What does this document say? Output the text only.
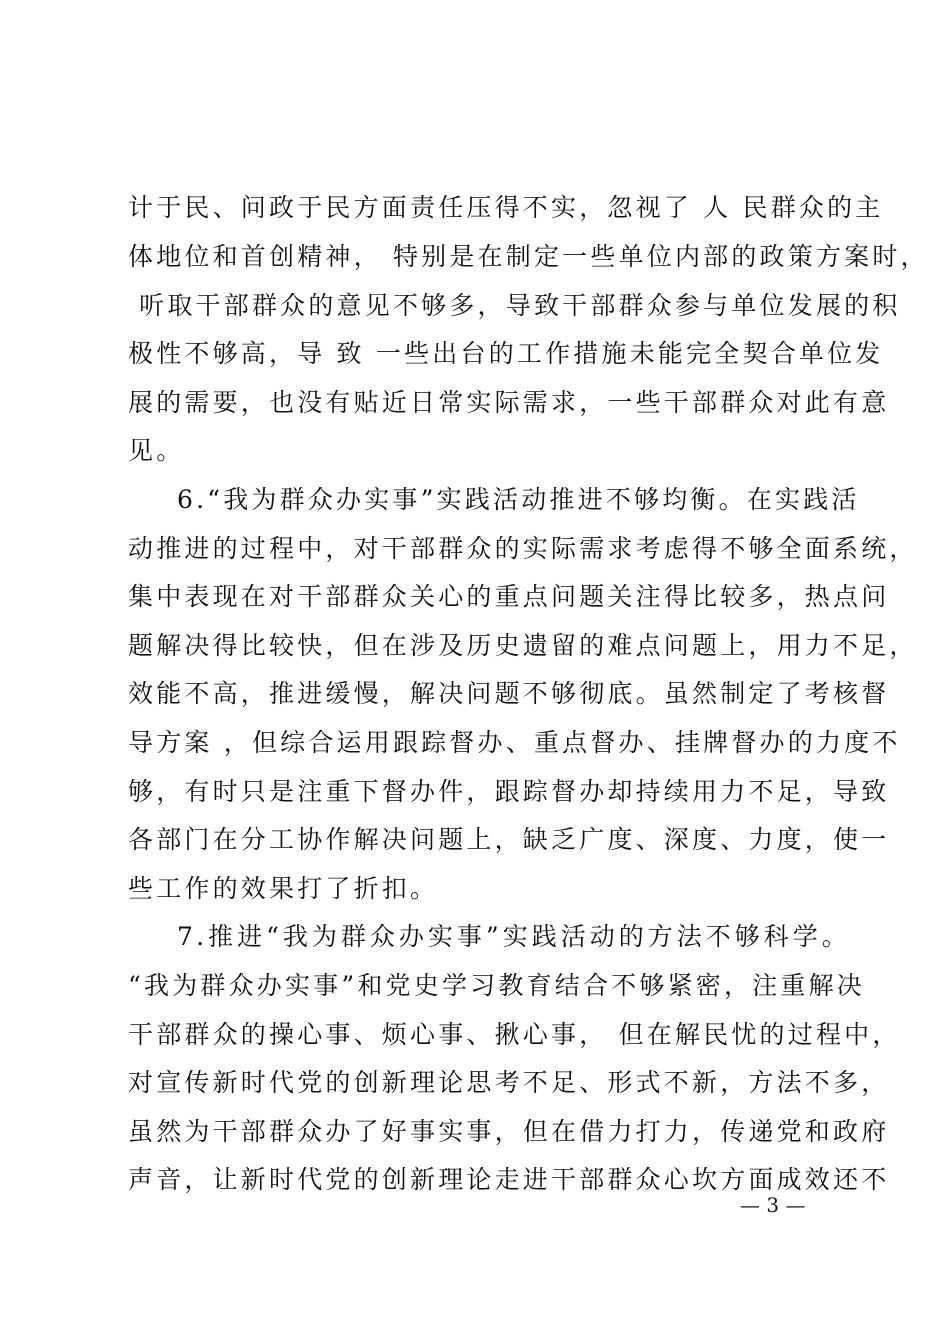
计于民、问政于民方面责任压得不实，忽视了 人 民群众的主
体地位和首创精神， 特别是在制定一些单位内部的政策方案时，
听取干部群众的意见不够多，导致干部群众参与单位发展的积
极性不够高，导 致 一些出台的工作措施未能完全契合单位发
展的需要，也没有贴近日常实际需求，一些干部群众对此有意
见。
6.“我为群众办实事”实践活动推进不够均衡。在实践活
动推进的过程中，对干部群众的实际需求考虑得不够全面系统，
集中表现在对干部群众关心的重点问题关注得比较多，热点问
题解决得比较快，但在涉及历史遗留的难点问题上，用力不足，
效能不高，推进缓慢，解决问题不够彻底。虽然制定了考核督
导方案 ，但综合运用跟踪督办、重点督办、挂牌督办的力度不
够，有时只是注重下督办件，跟踪督办却持续用力不足，导致
各部门在分工协作解决问题上，缺乏广度、深度、力度，使一
些工作的效果打了折扣。
7.推进“我为群众办实事”实践活动的方法不够科学。
“我为群众办实事”和党史学习教育结合不够紧密，注重解决
干部群众的操心事、烦心事、揪心事， 但在解民忧的过程中，
对宣传新时代党的创新理论思考不足、形式不新，方法不多，
虽然为干部群众办了好事实事，但在借力打力，传递党和政府
声音，让新时代党的创新理论走进干部群众心坎方面成效还不
— 3 —
